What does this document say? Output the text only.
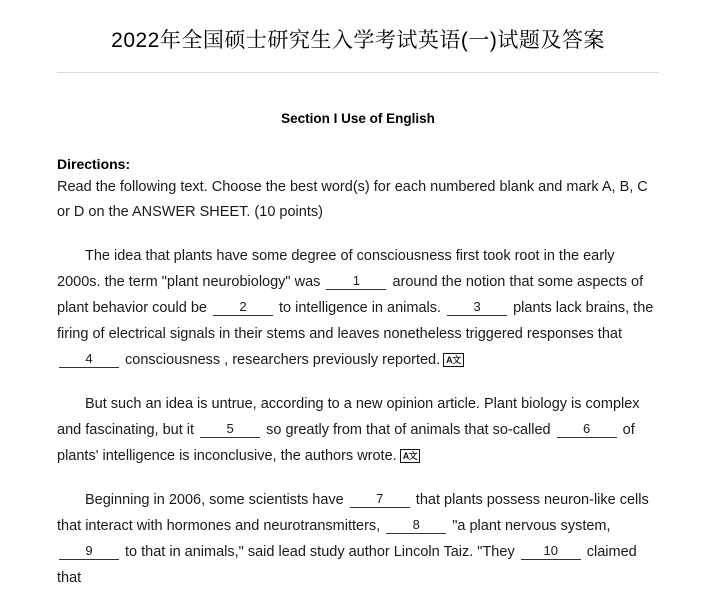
2022年全国硕士研究生入学考试英语(一)试题及答案
Section I Use of English
Directions:
Read the following text. Choose the best word(s) for each numbered blank and mark A, B, C or D on the ANSWER SHEET. (10 points)
The idea that plants have some degree of consciousness first took root in the early 2000s. the term "plant neurobiology" was 1 around the notion that some aspects of plant behavior could be 2 to intelligence in animals. 3 plants lack brains, the firing of electrical signals in their stems and leaves nonetheless triggered responses that 4 consciousness , researchers previously reported. A文
But such an idea is untrue, according to a new opinion article. Plant biology is complex and fascinating, but it 5 so greatly from that of animals that so-called 6 of plants' intelligence is inconclusive, the authors wrote. A文
Beginning in 2006, some scientists have 7 that plants possess neuron-like cells that interact with hormones and neurotransmitters, 8 "a plant nervous system, 9 to that in animals," said lead study author Lincoln Taiz. "They 10 claimed that
